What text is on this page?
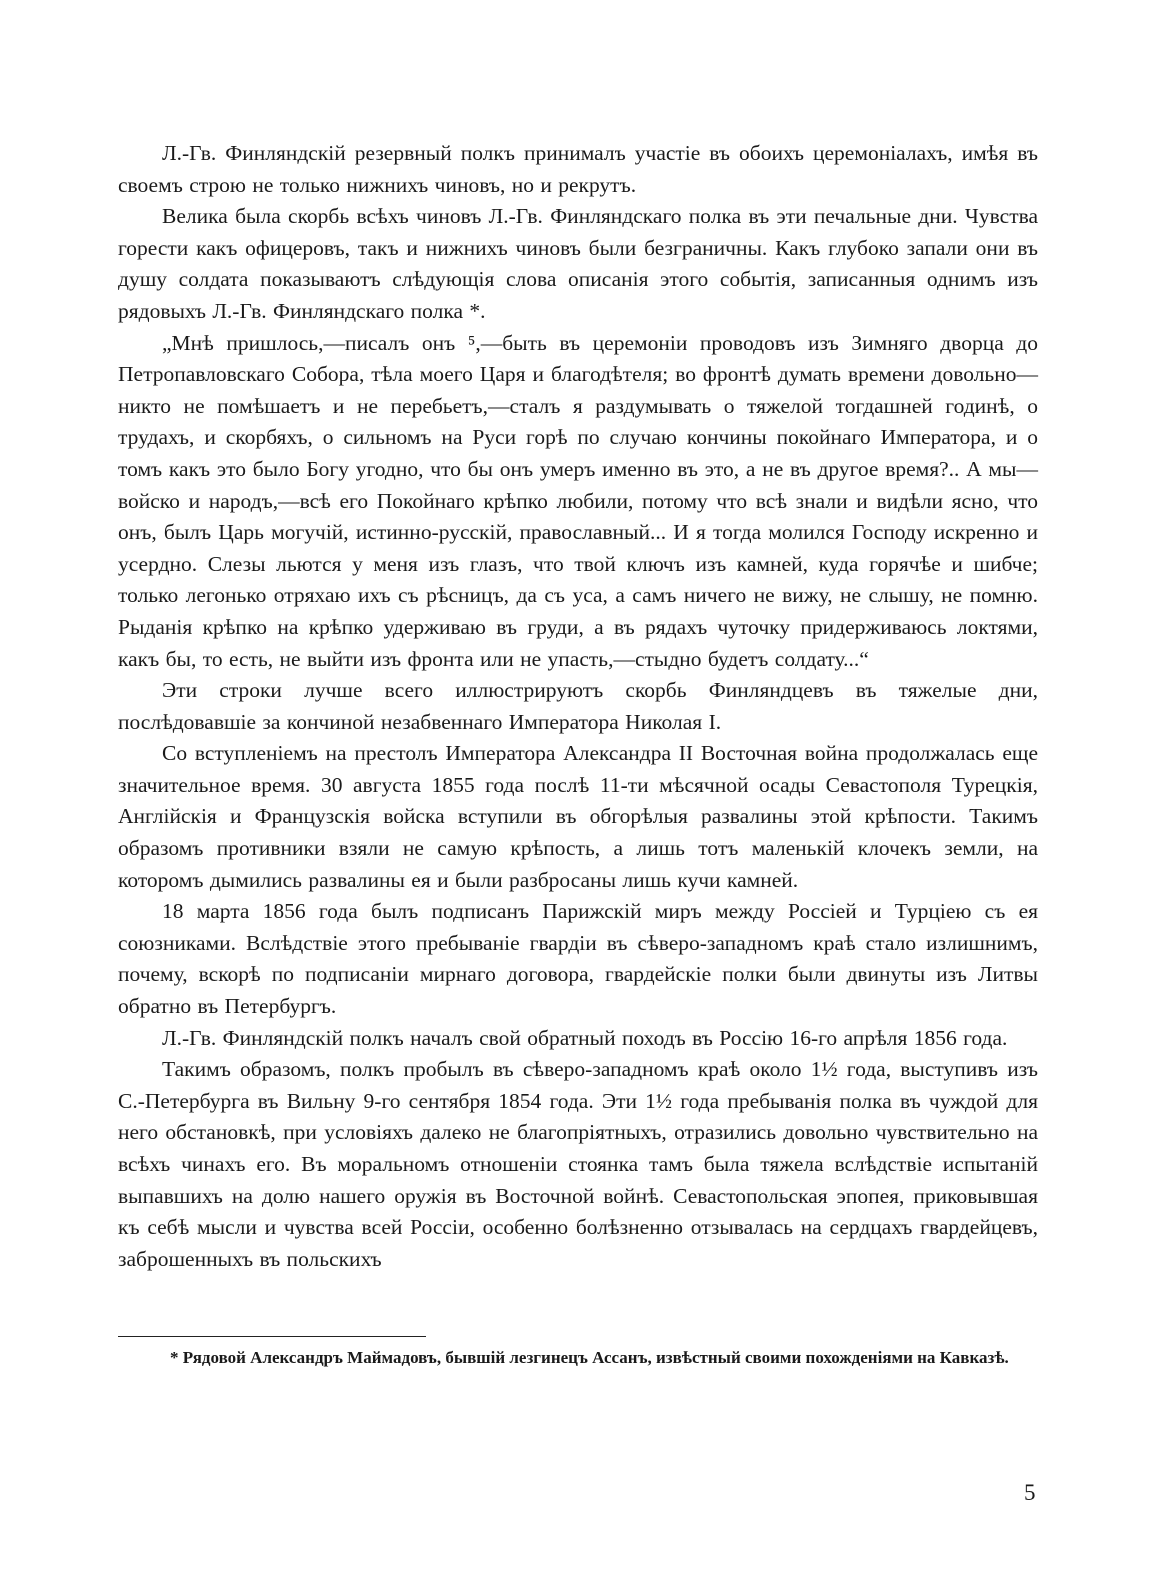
Л.-Гв. Финляндскій резервный полкъ принималъ участіе въ обоихъ церемоніалахъ, имѣя въ своемъ строю не только нижнихъ чиновъ, но и рекрутъ.

Велика была скорбь всѣхъ чиновъ Л.-Гв. Финляндскаго полка въ эти печальные дни. Чувства горести какъ офицеровъ, такъ и нижнихъ чиновъ были безграничны. Какъ глубоко запали они въ душу солдата показываютъ слѣдующія слова описанія этого событія, записанныя однимъ изъ рядовыхъ Л.-Гв. Финляндскаго полка *.

„Мнѣ пришлось,—писалъ онъ ⁵,—быть въ церемоніи проводовъ изъ Зимняго дворца до Петропавловскаго Собора, тѣла моего Царя и благодѣтеля; во фронтѣ думать времени довольно—никто не помѣшаетъ и не перебьетъ,—сталъ я раздумывать о тяжелой тогдашней годинѣ, о трудахъ, и скорбяхъ, о сильномъ на Руси горѣ по случаю кончины покойнаго Императора, и о томъ какъ это было Богу угодно, что бы онъ умеръ именно въ это, а не въ другое время?.. А мы—войско и народъ,—всѣ его Покойнаго крѣпко любили, потому что всѣ знали и видѣли ясно, что онъ, былъ Царь могучій, истинно-русскій, православный... И я тогда молился Господу искренно и усердно. Слезы льются у меня изъ глазъ, что твой ключъ изъ камней, куда горячѣе и шибче; только легонько отряхаю ихъ съ рѣсницъ, да съ уса, а самъ ничего не вижу, не слышу, не помню. Рыданія крѣпко на крѣпко удерживаю въ груди, а въ рядахъ чуточку придерживаюсь локтями, какъ бы, то есть, не выйти изъ фронта или не упасть,—стыдно будетъ солдату...“

Эти строки лучше всего иллюстрируютъ скорбь Финляндцевъ въ тяжелые дни, послѣдовавшіе за кончиной незабвеннаго Императора Николая I.

Со вступленіемъ на престолъ Императора Александра II Восточная война продолжалась еще значительное время. 30 августа 1855 года послѣ 11-ти мѣсячной осады Севастополя Турецкія, Англійскія и Французскія войска вступили въ обгорѣлыя развалины этой крѣпости. Такимъ образомъ противники взяли не самую крѣпость, а лишь тотъ маленькій клочекъ земли, на которомъ дымились развалины ея и были разбросаны лишь кучи камней.

18 марта 1856 года былъ подписанъ Парижскій миръ между Россіей и Турціею съ ея союзниками. Вслѣдствіе этого пребываніе гвардіи въ сѣверо-западномъ краѣ стало излишнимъ, почему, вскорѣ по подписаніи мирнаго договора, гвардейскіе полки были двинуты изъ Литвы обратно въ Петербургъ.

Л.-Гв. Финляндскій полкъ началъ свой обратный походъ въ Россію 16-го апрѣля 1856 года.

Такимъ образомъ, полкъ пробылъ въ сѣверо-западномъ краѣ около 1½ года, выступивъ изъ С.-Петербурга въ Вильну 9-го сентября 1854 года. Эти 1½ года пребыванія полка въ чуждой для него обстановкѣ, при условіяхъ далеко не благопріятныхъ, отразились довольно чувствительно на всѣхъ чинахъ его. Въ моральномъ отношеніи стоянка тамъ была тяжела вслѣдствіе испытаній выпавшихъ на долю нашего оружія въ Восточной войнѣ. Севастопольская эпопея, приковывшая къ себѣ мысли и чувства всей Россіи, особенно болѣзненно отзывалась на сердцахъ гвардейцевъ, заброшенныхъ въ польскихъ

* Рядовой Александръ Маймадовъ, бывшій лезгинецъ Ассанъ, извѣстный своими похожденіями на Кавказѣ.

5
